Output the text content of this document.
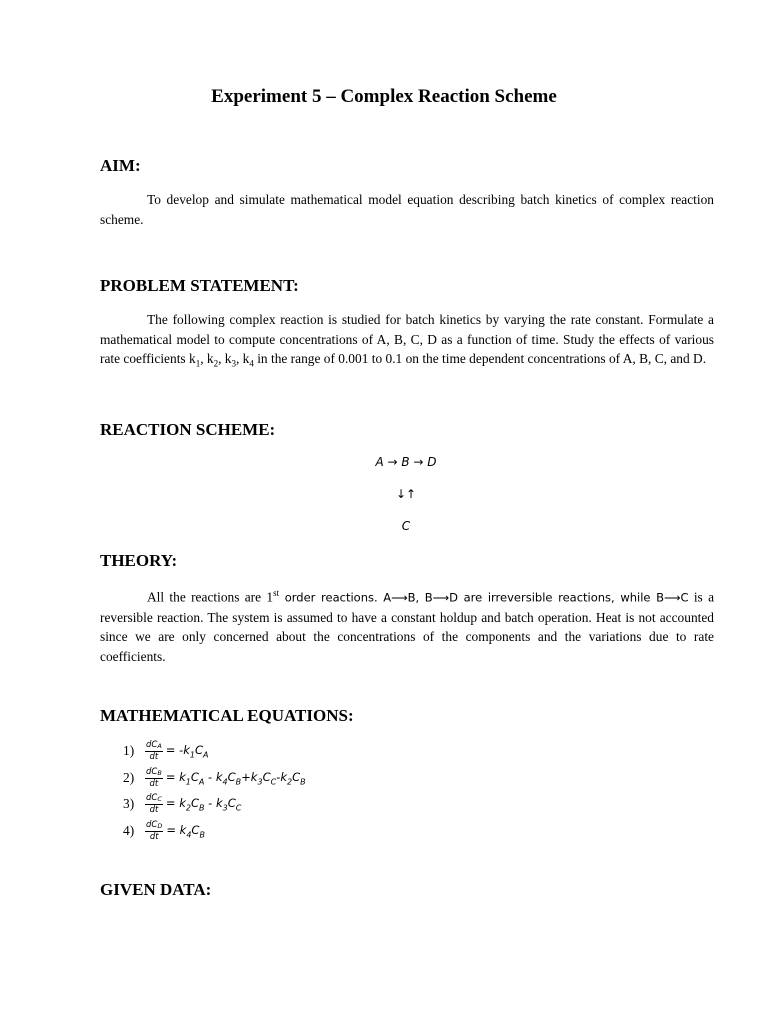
Experiment 5 – Complex Reaction Scheme
AIM:

To develop and simulate mathematical model equation describing batch kinetics of complex reaction scheme.

PROBLEM STATEMENT:

The following complex reaction is studied for batch kinetics by varying the rate constant. Formulate a mathematical model to compute concentrations of A, B, C, D as a function of time. Study the effects of various rate coefficients $k_1$, $k_2$, $k_3$, $k_4$ in the range of 0.001 to 0.1 on the time dependent concentrations of A, B, C, and D.

REACTION SCHEME:

A → B → D

↓↑

C

THEORY:

All the reactions are 1st order reactions. A⟶B, B⟶D are irreversible reactions, while B⟶C is a reversible reaction. The system is assumed to have a constant holdup and batch operation. Heat is not accounted since we are only concerned about the concentrations of the components and the variations due to rate coefficients.

MATHEMATICAL EQUATIONS:
1)	$\frac{dC_A}{dt} = -k_1C_A$
2)	$\frac{dC_B}{dt} = k_1C_A - k_4C_B+k_3C_C-k_2C_B$
3)	$\frac{dC_C}{dt} = k_2C_B - k_3C_C$
4)	$\frac{dC_D}{dt} = k_4C_B$
GIVEN DATA:
